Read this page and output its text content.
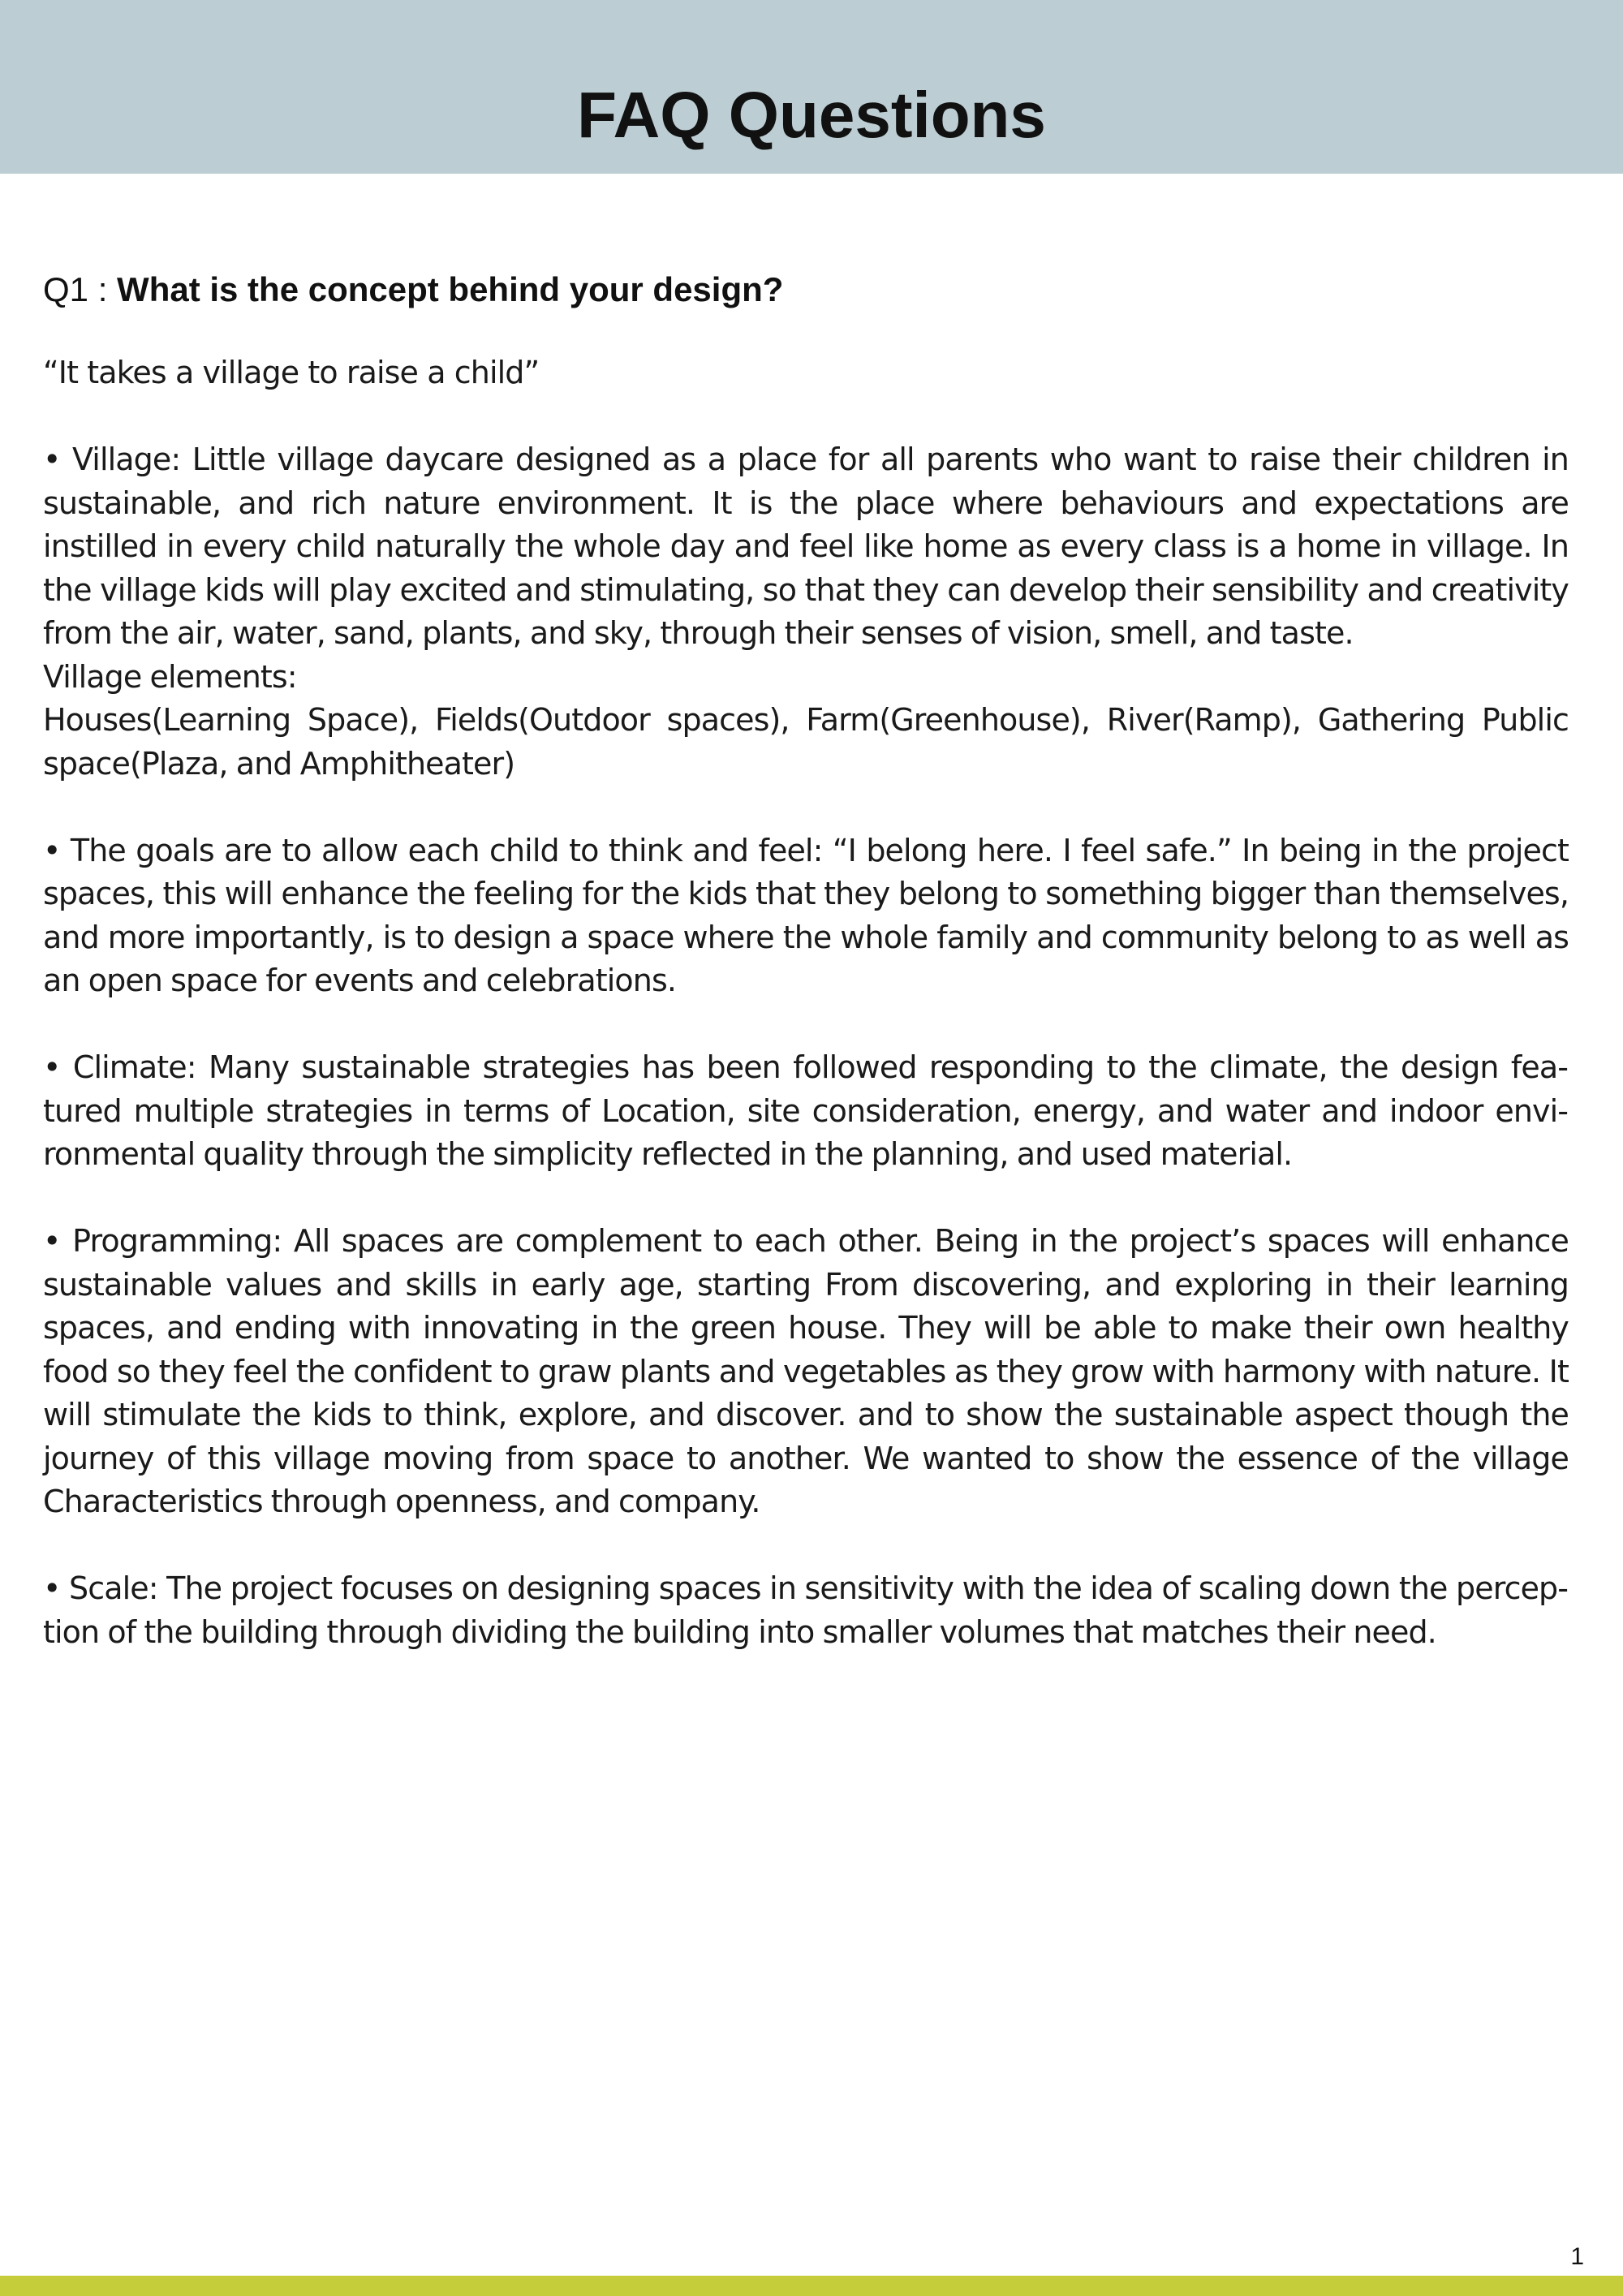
FAQ Questions

Q1 : What is the concept behind your design?

“It takes a village to raise a child”

• Village: Little village daycare designed as a place for all parents who want to raise their children in sustainable, and rich nature environment. It is the place where behaviours and expectations are instilled in every child naturally the whole day and feel like home as every class is a home in village. In the village kids will play excited and stimulating, so that they can develop their sensibility and creativity from the air, water, sand, plants, and sky, through their senses of vision, smell, and taste.
Village elements:
Houses(Learning Space), Fields(Outdoor spaces), Farm(Greenhouse), River(Ramp), Gathering Public space(Plaza, and Amphitheater)

• The goals are to allow each child to think and feel: “I belong here. I feel safe.” In being in the project spaces, this will enhance the feeling for the kids that they belong to something bigger than themselves, and more importantly, is to design a space where the whole family and community belong to as well as an open space for events and celebrations.

• Climate: Many sustainable strategies has been followed responding to the climate, the design featured multiple strategies in terms of Location, site consideration, energy, and water and indoor environmental quality through the simplicity reflected in the planning, and used material.

• Programming: All spaces are complement to each other. Being in the project’s spaces will enhance sustainable values and skills in early age, starting From discovering, and exploring in their learning spaces, and ending with innovating in the green house. They will be able to make their own healthy food so they feel the confident to graw plants and vegetables as they grow with harmony with nature. It will stimulate the kids to think, explore, and discover. and to show the sustainable aspect though the journey of this village moving from space to another. We wanted to show the essence of the village Characteristics through openness, and company.

• Scale: The project focuses on designing spaces in sensitivity with the idea of scaling down the perception of the building through dividing the building into smaller volumes that matches their need.

1
